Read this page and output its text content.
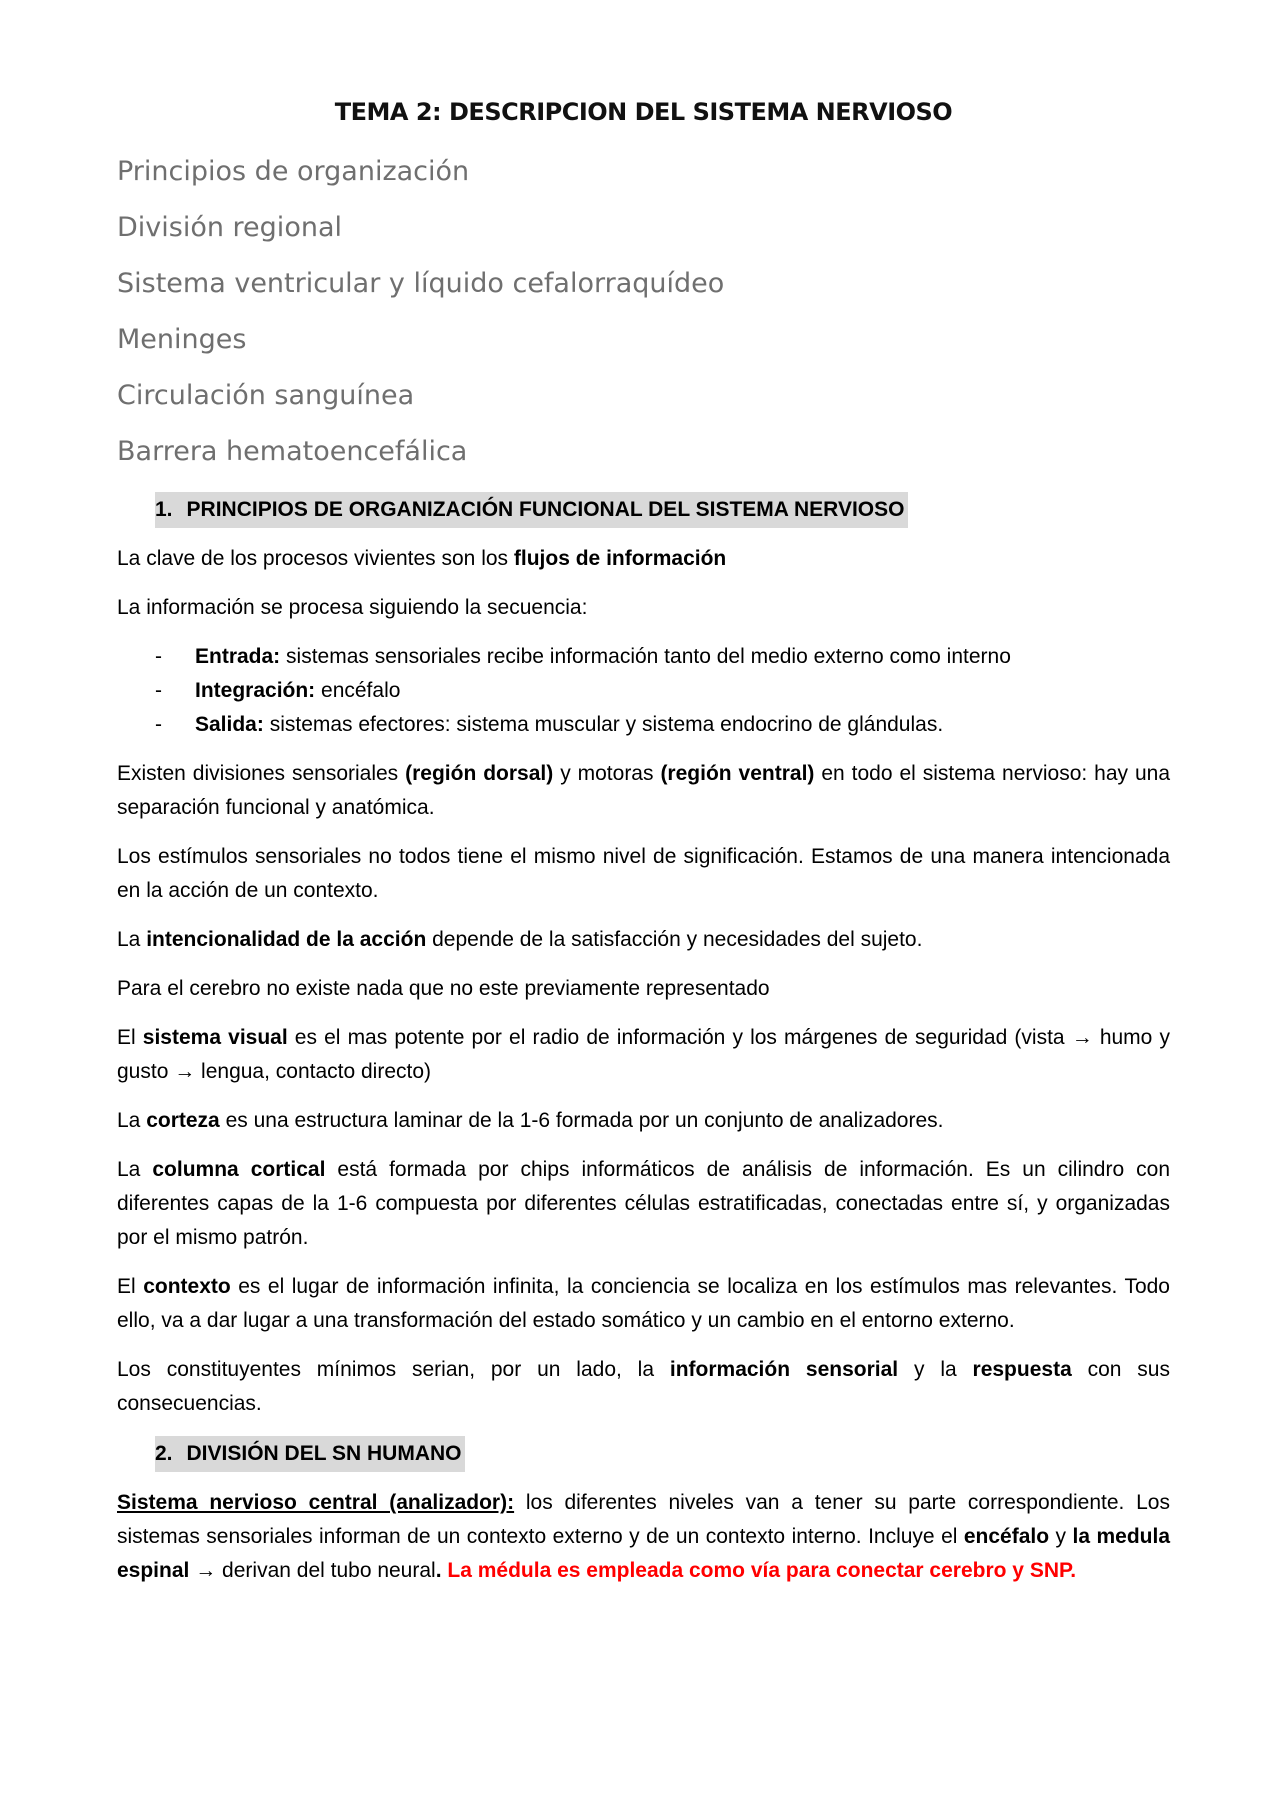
TEMA 2: DESCRIPCION DEL SISTEMA NERVIOSO
Principios de organización
División regional
Sistema ventricular y líquido cefalorraquídeo
Meninges
Circulación sanguínea
Barrera hematoencefálica
1. PRINCIPIOS DE ORGANIZACIÓN FUNCIONAL DEL SISTEMA NERVIOSO

La clave de los procesos vivientes son los flujos de información

La información se procesa siguiendo la secuencia:

- Entrada: sistemas sensoriales recibe información tanto del medio externo como interno
- Integración: encéfalo
- Salida: sistemas efectores: sistema muscular y sistema endocrino de glándulas.

Existen divisiones sensoriales (región dorsal) y motoras (región ventral) en todo el sistema nervioso: hay una separación funcional y anatómica.

Los estímulos sensoriales no todos tiene el mismo nivel de significación. Estamos de una manera intencionada en la acción de un contexto.

La intencionalidad de la acción depende de la satisfacción y necesidades del sujeto.

Para el cerebro no existe nada que no este previamente representado

El sistema visual es el mas potente por el radio de información y los márgenes de seguridad (vista → humo y gusto → lengua, contacto directo)

La corteza es una estructura laminar de la 1-6 formada por un conjunto de analizadores.

La columna cortical está formada por chips informáticos de análisis de información. Es un cilindro con diferentes capas de la 1-6 compuesta por diferentes células estratificadas, conectadas entre sí, y organizadas por el mismo patrón.

El contexto es el lugar de información infinita, la conciencia se localiza en los estímulos mas relevantes. Todo ello, va a dar lugar a una transformación del estado somático y un cambio en el entorno externo.

Los constituyentes mínimos serian, por un lado, la información sensorial y la respuesta con sus consecuencias.

2. DIVISIÓN DEL SN HUMANO

Sistema nervioso central (analizador): los diferentes niveles van a tener su parte correspondiente. Los sistemas sensoriales informan de un contexto externo y de un contexto interno. Incluye el encéfalo y la medula espinal → derivan del tubo neural. La médula es empleada como vía para conectar cerebro y SNP.
